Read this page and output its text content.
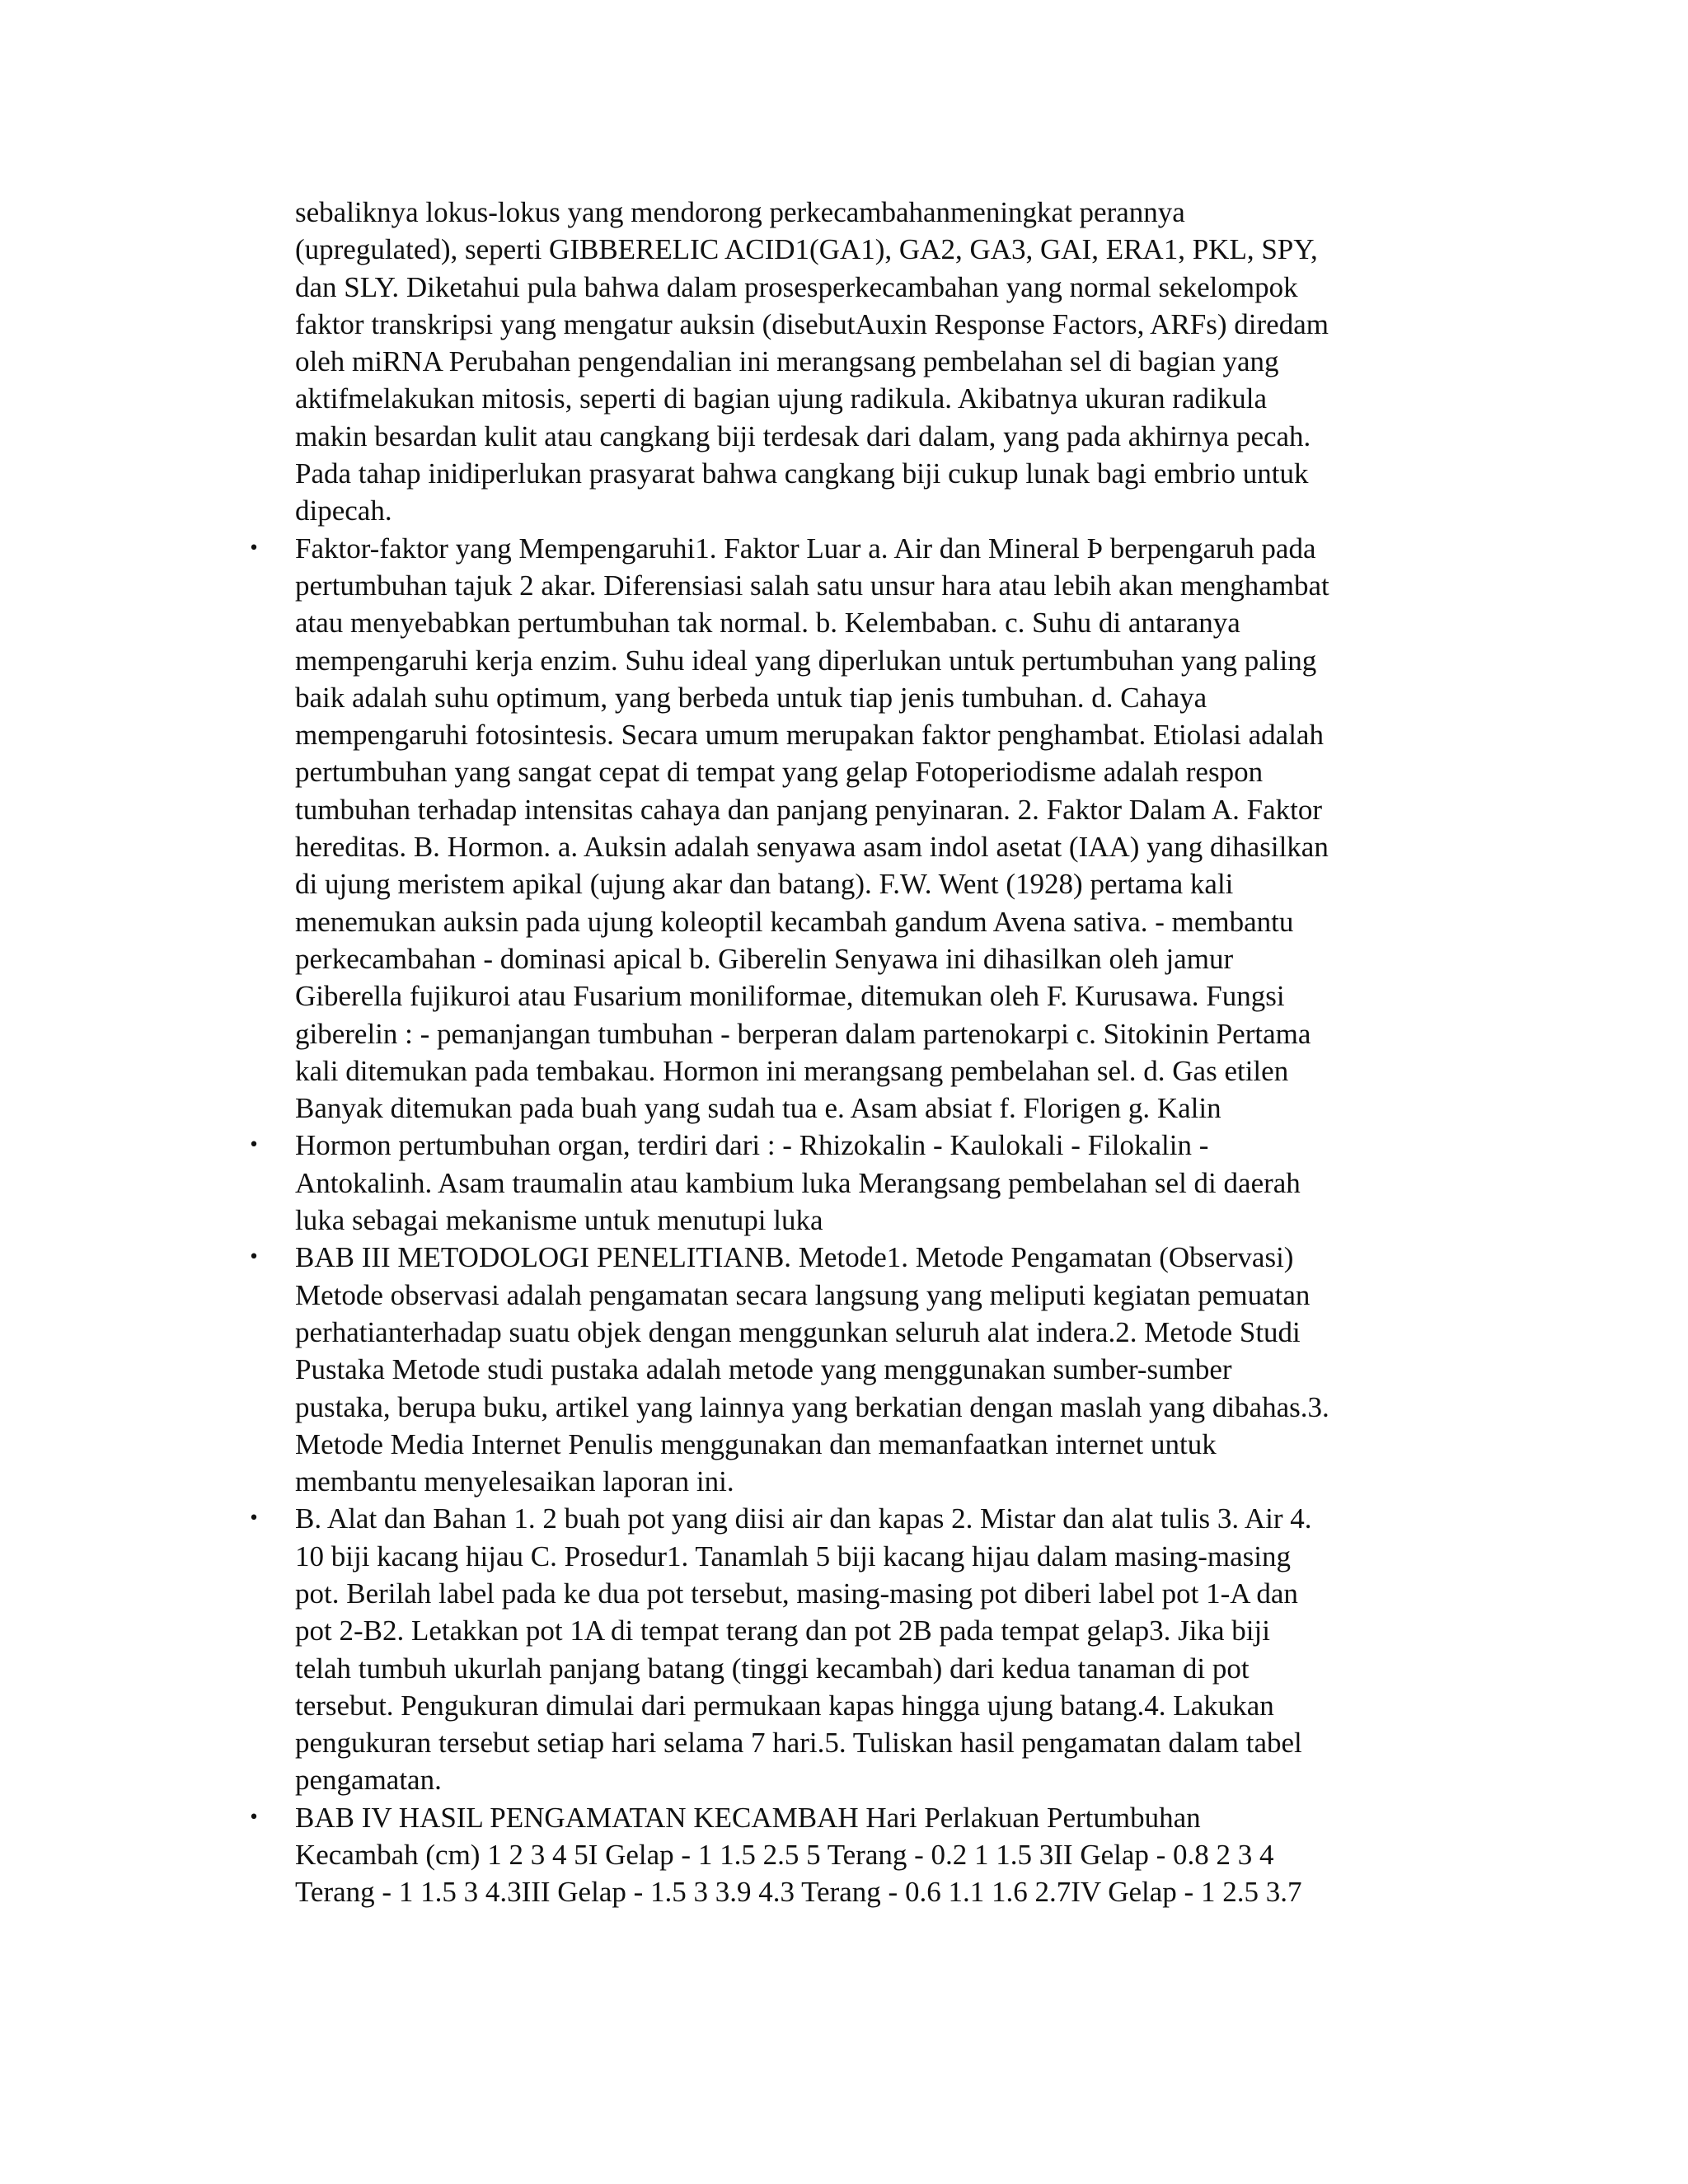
sebaliknya lokus-lokus yang mendorong perkecambahanmeningkat perannya
(upregulated), seperti GIBBERELIC ACID1(GA1), GA2, GA3, GAI, ERA1, PKL, SPY,
dan SLY. Diketahui pula bahwa dalam prosesperkecambahan yang normal sekelompok
faktor transkripsi yang mengatur auksin (disebutAuxin Response Factors, ARFs) diredam
oleh miRNA Perubahan pengendalian ini merangsang pembelahan sel di bagian yang
aktifmelakukan mitosis, seperti di bagian ujung radikula. Akibatnya ukuran radikula
makin besardan kulit atau cangkang biji terdesak dari dalam, yang pada akhirnya pecah.
Pada tahap inidiperlukan prasyarat bahwa cangkang biji cukup lunak bagi embrio untuk
dipecah.

• Faktor-faktor yang Mempengaruhi1. Faktor Luar a. Air dan Mineral Þ berpengaruh pada
pertumbuhan tajuk 2 akar. Diferensiasi salah satu unsur hara atau lebih akan menghambat
atau menyebabkan pertumbuhan tak normal. b. Kelembaban. c. Suhu di antaranya
mempengaruhi kerja enzim. Suhu ideal yang diperlukan untuk pertumbuhan yang paling
baik adalah suhu optimum, yang berbeda untuk tiap jenis tumbuhan. d. Cahaya
mempengaruhi fotosintesis. Secara umum merupakan faktor penghambat. Etiolasi adalah
pertumbuhan yang sangat cepat di tempat yang gelap Fotoperiodisme adalah respon
tumbuhan terhadap intensitas cahaya dan panjang penyinaran. 2. Faktor Dalam A. Faktor
hereditas. B. Hormon. a. Auksin adalah senyawa asam indol asetat (IAA) yang dihasilkan
di ujung meristem apikal (ujung akar dan batang). F.W. Went (1928) pertama kali
menemukan auksin pada ujung koleoptil kecambah gandum Avena sativa. - membantu
perkecambahan - dominasi apical b. Giberelin Senyawa ini dihasilkan oleh jamur
Giberella fujikuroi atau Fusarium moniliformae, ditemukan oleh F. Kurusawa. Fungsi
giberelin : - pemanjangan tumbuhan - berperan dalam partenokarpi c. Sitokinin Pertama
kali ditemukan pada tembakau. Hormon ini merangsang pembelahan sel. d. Gas etilen
Banyak ditemukan pada buah yang sudah tua e. Asam absiat f. Florigen g. Kalin
• Hormon pertumbuhan organ, terdiri dari : - Rhizokalin - Kaulokali - Filokalin -
Antokalinh. Asam traumalin atau kambium luka Merangsang pembelahan sel di daerah
luka sebagai mekanisme untuk menutupi luka
• BAB III METODOLOGI PENELITIANB. Metode1. Metode Pengamatan (Observasi)
Metode observasi adalah pengamatan secara langsung yang meliputi kegiatan pemuatan
perhatianterhadap suatu objek dengan menggunkan seluruh alat indera.2. Metode Studi
Pustaka Metode studi pustaka adalah metode yang menggunakan sumber-sumber
pustaka, berupa buku, artikel yang lainnya yang berkatian dengan maslah yang dibahas.3.
Metode Media Internet Penulis menggunakan dan memanfaatkan internet untuk
membantu menyelesaikan laporan ini.
• B. Alat dan Bahan 1. 2 buah pot yang diisi air dan kapas 2. Mistar dan alat tulis 3. Air 4.
10 biji kacang hijau C. Prosedur1. Tanamlah 5 biji kacang hijau dalam masing-masing
pot. Berilah label pada ke dua pot tersebut, masing-masing pot diberi label pot 1-A dan
pot 2-B2. Letakkan pot 1A di tempat terang dan pot 2B pada tempat gelap3. Jika biji
telah tumbuh ukurlah panjang batang (tinggi kecambah) dari kedua tanaman di pot
tersebut. Pengukuran dimulai dari permukaan kapas hingga ujung batang.4. Lakukan
pengukuran tersebut setiap hari selama 7 hari.5. Tuliskan hasil pengamatan dalam tabel
pengamatan.
• BAB IV HASIL PENGAMATAN KECAMBAH Hari Perlakuan Pertumbuhan
Kecambah (cm) 1 2 3 4 5I Gelap - 1 1.5 2.5 5 Terang - 0.2 1 1.5 3II Gelap - 0.8 2 3 4
Terang - 1 1.5 3 4.3III Gelap - 1.5 3 3.9 4.3 Terang - 0.6 1.1 1.6 2.7IV Gelap - 1 2.5 3.7
